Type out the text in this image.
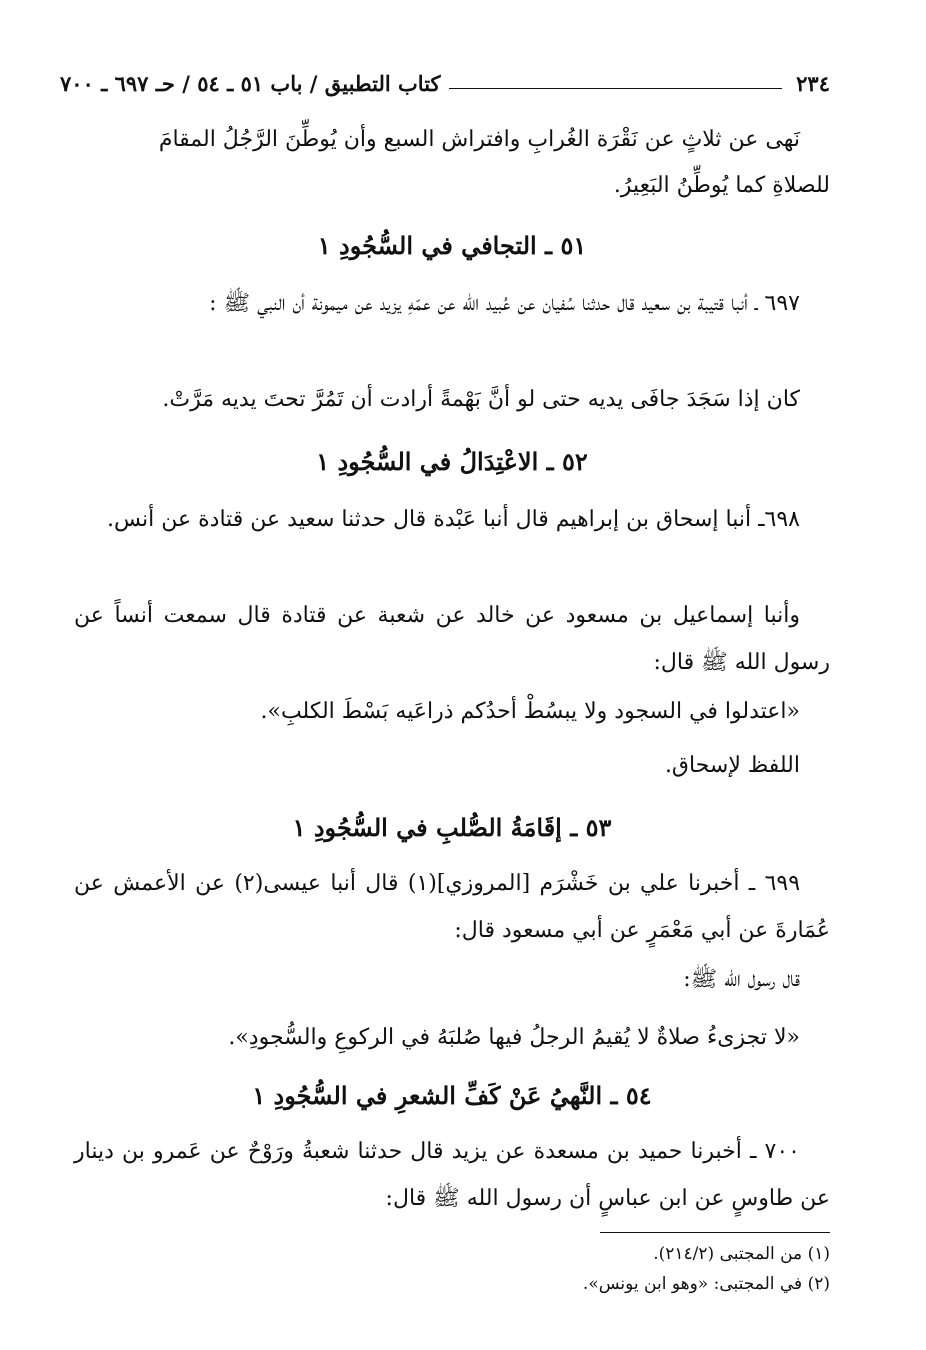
٢٣٤
كتاب التطبيق / باب ٥١ ـ ٥٤ / حـ ٦٩٧ ـ ٧٠٠
نَهى عن ثلاثٍ عن نَقْرَة الغُرابِ وافتراش السبع وأن يُوطِّنَ الرَّجُلُ المقامَ
للصلاةِ كما يُوطِّنُ البَعِيرُ.
٥١ ـ التجافي في السُّجُودِ ١
٦٩٧ ـ أنبا قتيبة بن سعيد قال حدثنا سُفيان عن عُبيد الله عن عمّهِ يزيد عن ميمونة أن النبي ﷺ :
كان إذا سَجَدَ جافَى يديه حتى لو أنَّ بَهْمةً أرادت أن تَمُرَّ تحتَ يديه مَرَّتْ.
٥٢ ـ الاعْتِدَالُ في السُّجُودِ ١
٦٩٨ـ أنبا إسحاق بن إبراهيم قال أنبا عَبْدة قال حدثنا سعيد عن قتادة عن أنس.
وأنبا إسماعيل بن مسعود عن خالد عن شعبة عن قتادة قال سمعت أنساً عن رسول الله ﷺ قال:
«اعتدلوا في السجود ولا يبسُطْ أحدُكم ذراعَيه بَسْطَ الكلبِ».
اللفظ لإسحاق.
٥٣ ـ إقَامَةُ الصُّلبِ في السُّجُودِ ١
٦٩٩ ـ أخبرنا علي بن خَشْرَم [المروزي](١) قال أنبا عيسى(٢) عن الأعمش عن عُمَارةَ عن أبي مَعْمَرٍ عن أبي مسعود قال:
قال رسول الله ﷺ:
«لا تجزىءُ صلاةٌ لا يُقيمُ الرجلُ فيها صُلبَهُ في الركوعِ والسُّجودِ».
٥٤ ـ النَّهيُ عَنْ كَفِّ الشعرِ في السُّجُودِ ١
٧٠٠ ـ أخبرنا حميد بن مسعدة عن يزيد قال حدثنا شعبةُ ورَوْحٌ عن عَمرو بن دينار عن طاوسٍ عن ابن عباسٍ أن رسول الله ﷺ قال:
(١) من المجتبى (٢١٤/٢).
(٢) في المجتبى: «وهو ابن يونس».
